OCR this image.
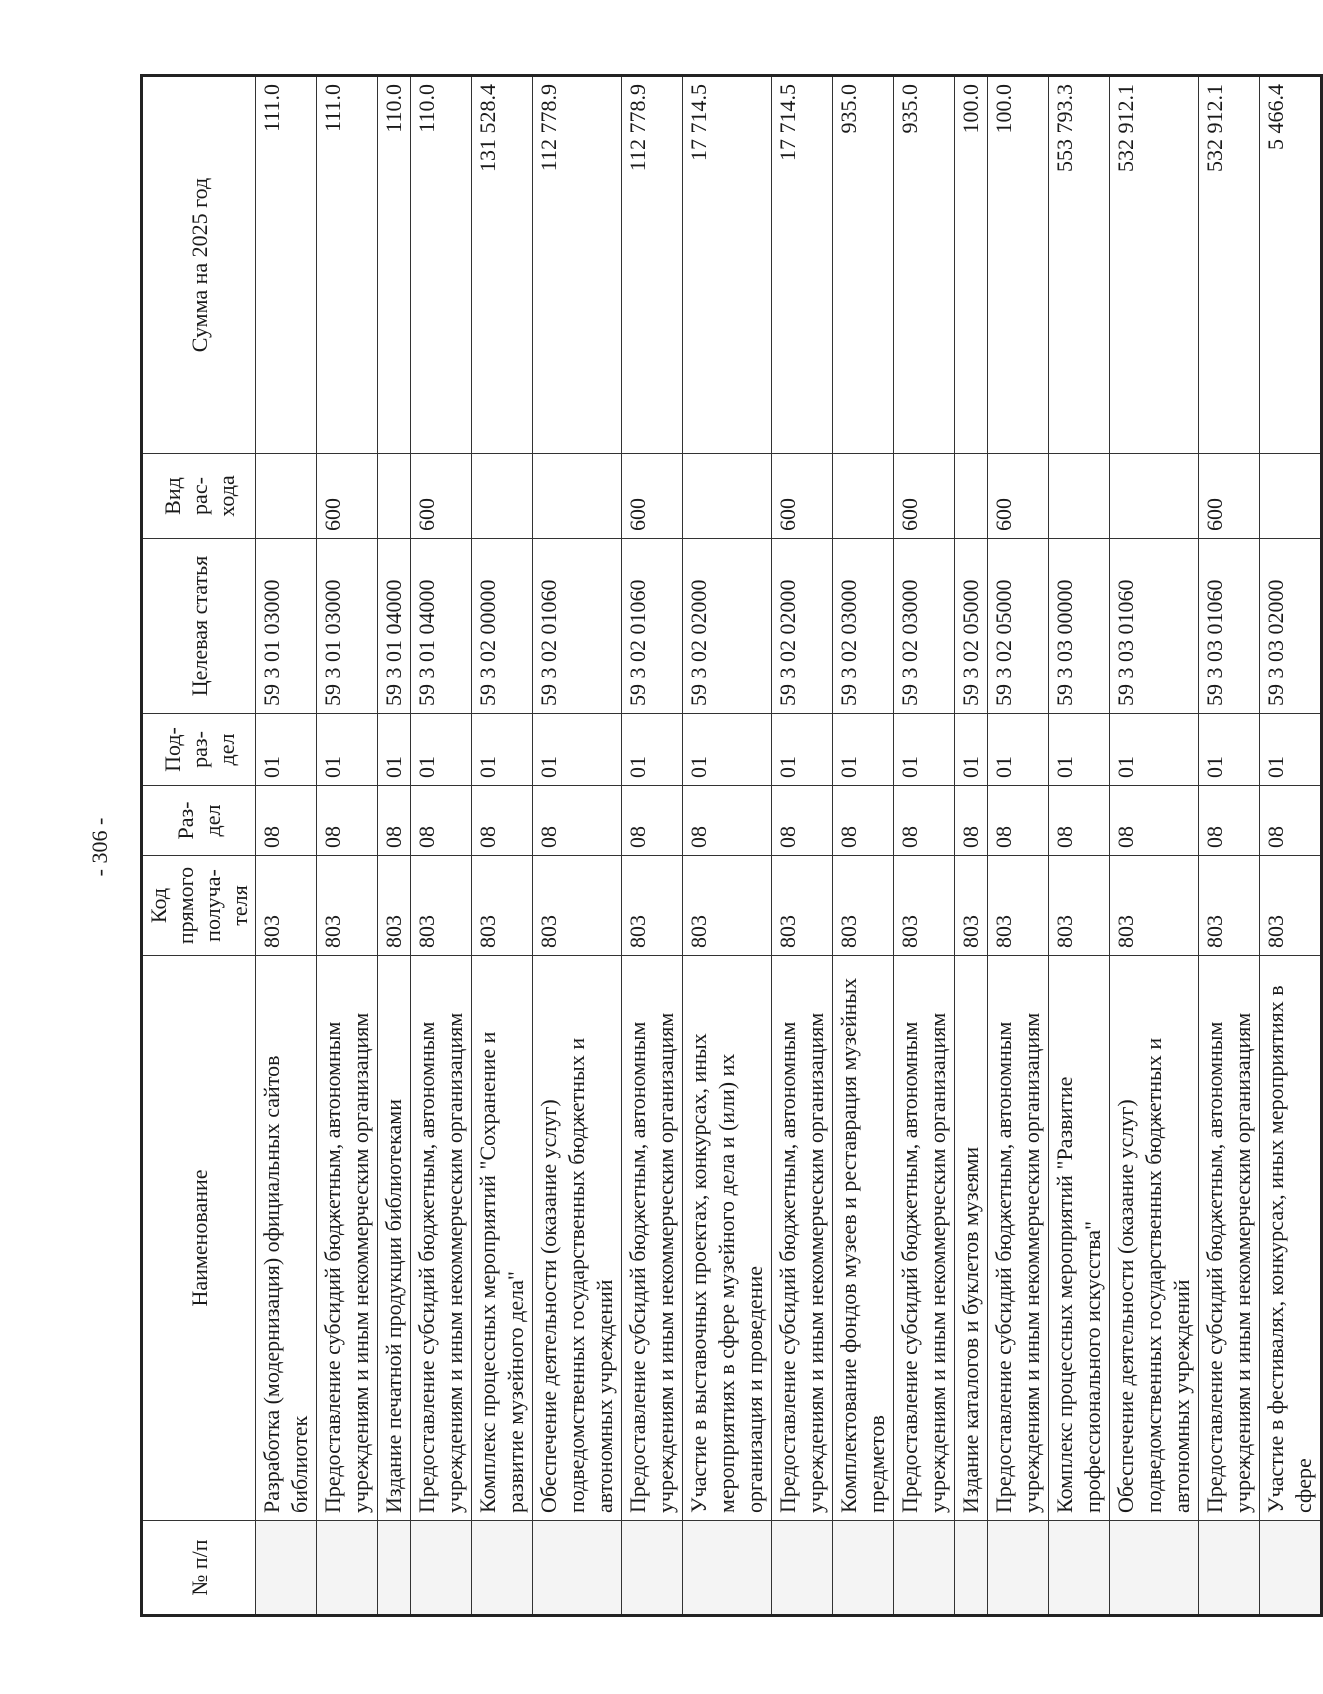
- 306 -
№ п/п	Наименование	Код прямого получа-теля	Раз-дел	Под-раз-дел	Целевая статья	Вид рас-хода	Сумма на 2025 год
	Разработка (модернизация) официальных сайтов библиотек	803	08	01	59 3 01 03000		111.0
	Предоставление субсидий бюджетным, автономным учреждениям и иным некоммерческим организациям	803	08	01	59 3 01 03000	600	111.0
	Издание печатной продукции библиотеками	803	08	01	59 3 01 04000		110.0
	Предоставление субсидий бюджетным, автономным учреждениям и иным некоммерческим организациям	803	08	01	59 3 01 04000	600	110.0
	Комплекс процессных мероприятий "Сохранение и развитие музейного дела"	803	08	01	59 3 02 00000		131 528.4
	Обеспечение деятельности (оказание услуг) подведомственных государственных бюджетных и автономных учреждений	803	08	01	59 3 02 01060		112 778.9
	Предоставление субсидий бюджетным, автономным учреждениям и иным некоммерческим организациям	803	08	01	59 3 02 01060	600	112 778.9
	Участие в выставочных проектах, конкурсах, иных мероприятиях в сфере музейного дела и (или) их организация и проведение	803	08	01	59 3 02 02000		17 714.5
	Предоставление субсидий бюджетным, автономным учреждениям и иным некоммерческим организациям	803	08	01	59 3 02 02000	600	17 714.5
	Комплектование фондов музеев и реставрация музейных предметов	803	08	01	59 3 02 03000		935.0
	Предоставление субсидий бюджетным, автономным учреждениям и иным некоммерческим организациям	803	08	01	59 3 02 03000	600	935.0
	Издание каталогов и буклетов музеями	803	08	01	59 3 02 05000		100.0
	Предоставление субсидий бюджетным, автономным учреждениям и иным некоммерческим организациям	803	08	01	59 3 02 05000	600	100.0
	Комплекс процессных мероприятий "Развитие профессионального искусства"	803	08	01	59 3 03 00000		553 793.3
	Обеспечение деятельности (оказание услуг) подведомственных государственных бюджетных и автономных учреждений	803	08	01	59 3 03 01060		532 912.1
	Предоставление субсидий бюджетным, автономным учреждениям и иным некоммерческим организациям	803	08	01	59 3 03 01060	600	532 912.1
	Участие в фестивалях, конкурсах, иных мероприятиях в сфере	803	08	01	59 3 03 02000		5 466.4
